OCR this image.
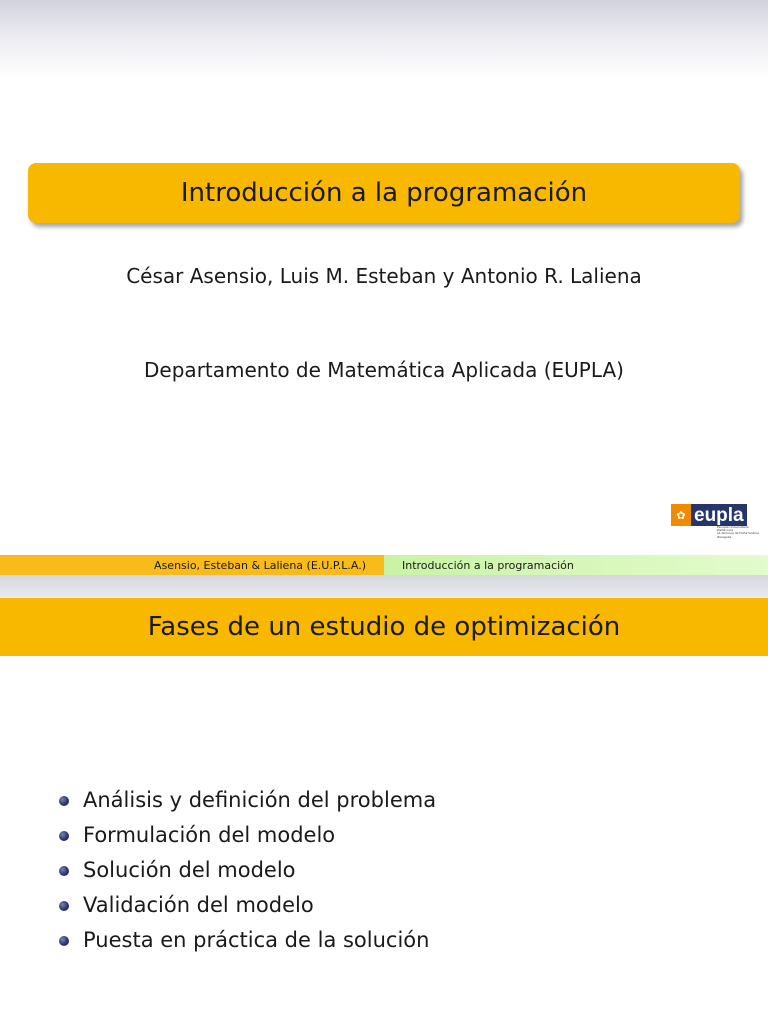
Introducción a la programación
César Asensio, Luis M. Esteban y Antonio R. Laliena
Departamento de Matemática Aplicada (EUPLA)
✿ eupla
Escuela Universitaria Politécnica
La Almunia de Doña Godina
Zaragoza
Asensio, Esteban & Laliena (E.U.P.L.A.)	Introducción a la programación
Fases de un estudio de optimización
Análisis y definición del problema
Formulación del modelo
Solución del modelo
Validación del modelo
Puesta en práctica de la solución
